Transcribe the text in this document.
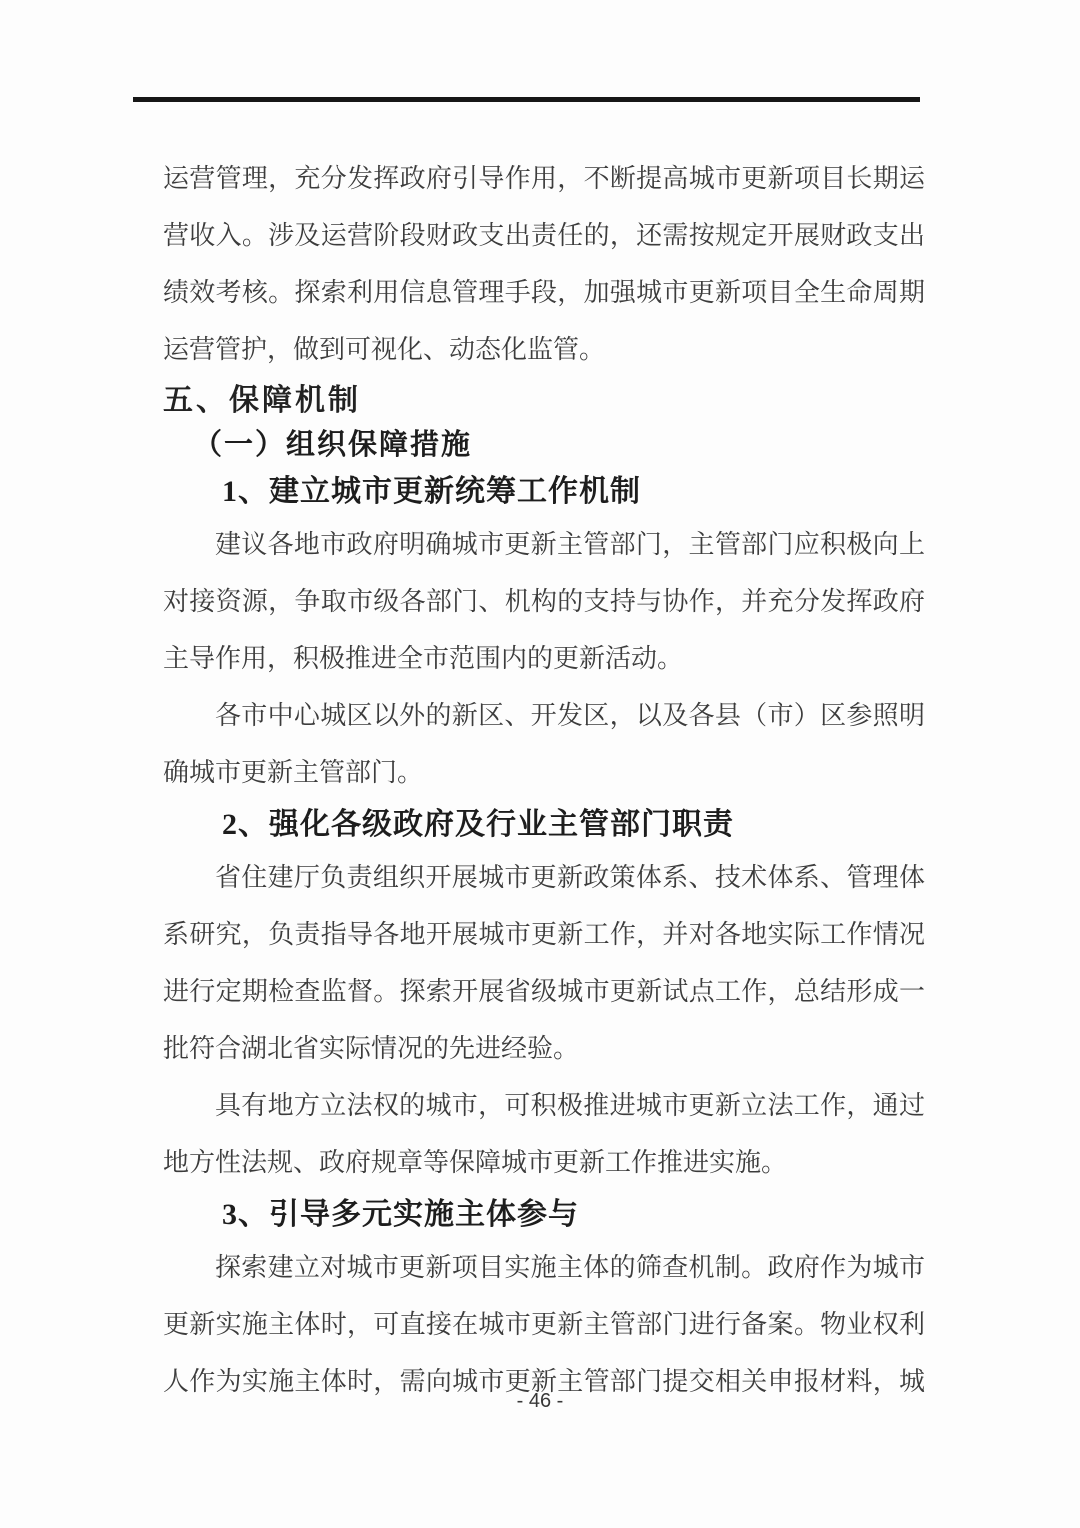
运营管理，充分发挥政府引导作用，不断提高城市更新项目长期运
营收入。涉及运营阶段财政支出责任的，还需按规定开展财政支出
绩效考核。探索利用信息管理手段，加强城市更新项目全生命周期
运营管护，做到可视化、动态化监管。
五、保障机制
（一）组织保障措施
1、建立城市更新统筹工作机制
建议各地市政府明确城市更新主管部门，主管部门应积极向上
对接资源，争取市级各部门、机构的支持与协作，并充分发挥政府
主导作用，积极推进全市范围内的更新活动。
各市中心城区以外的新区、开发区，以及各县（市）区参照明
确城市更新主管部门。
2、强化各级政府及行业主管部门职责
省住建厅负责组织开展城市更新政策体系、技术体系、管理体
系研究，负责指导各地开展城市更新工作，并对各地实际工作情况
进行定期检查监督。探索开展省级城市更新试点工作，总结形成一
批符合湖北省实际情况的先进经验。
具有地方立法权的城市，可积极推进城市更新立法工作，通过
地方性法规、政府规章等保障城市更新工作推进实施。
3、引导多元实施主体参与
探索建立对城市更新项目实施主体的筛查机制。政府作为城市
更新实施主体时，可直接在城市更新主管部门进行备案。物业权利
人作为实施主体时，需向城市更新主管部门提交相关申报材料，城
- 46 -
